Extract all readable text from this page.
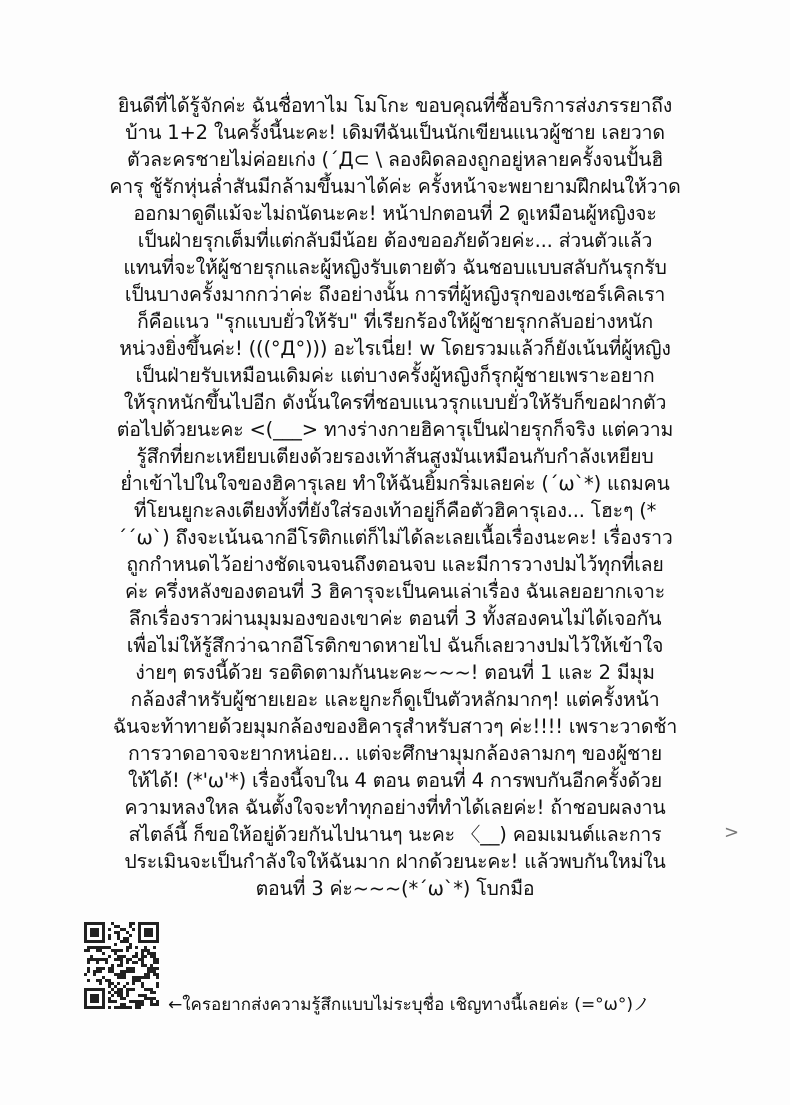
ยินดีที่ได้รู้จักค่ะ ฉันชื่อทาไม โมโกะ ขอบคุณที่ซื้อบริการส่งภรรยาถึง
บ้าน 1+2 ในครั้งนี้นะคะ! เดิมทีฉันเป็นนักเขียนแนวผู้ชาย เลยวาด
ตัวละครชายไม่ค่อยเก่ง (´Д⊂ \ ลองผิดลองถูกอยู่หลายครั้งจนปั้นฮิ
คารุ ชู้รักหุ่นล่ำสันมีกล้ามขึ้นมาได้ค่ะ ครั้งหน้าจะพยายามฝึกฝนให้วาด
ออกมาดูดีแม้จะไม่ถนัดนะคะ! หน้าปกตอนที่ 2 ดูเหมือนผู้หญิงจะ
เป็นฝ่ายรุกเต็มที่แต่กลับมีน้อย ต้องขออภัยด้วยค่ะ... ส่วนตัวแล้ว
แทนที่จะให้ผู้ชายรุกและผู้หญิงรับเตายตัว ฉันชอบแบบสลับกันรุกรับ
เป็นบางครั้งมากกว่าค่ะ ถึงอย่างนั้น การที่ผู้หญิงรุกของเซอร์เคิลเรา
ก็คือแนว "รุกแบบยั่วให้รับ" ที่เรียกร้องให้ผู้ชายรุกกลับอย่างหนัก
หน่วงยิ่งขึ้นค่ะ! (((°Д°))) อะไรเนี่ย! w โดยรวมแล้วก็ยังเน้นที่ผู้หญิง
เป็นฝ่ายรับเหมือนเดิมค่ะ แต่บางครั้งผู้หญิงก็รุกผู้ชายเพราะอยาก
ให้รุกหนักขึ้นไปอีก ดังนั้นใครที่ชอบแนวรุกแบบยั่วให้รับก็ขอฝากตัว
ต่อไปด้วยนะคะ <(___> ทางร่างกายฮิคารุเป็นฝ่ายรุกก็จริง แต่ความ
รู้สึกที่ยกะเหยียบเตียงด้วยรองเท้าส้นสูงมันเหมือนกับกำลังเหยียบ
ย่ำเข้าไปในใจของฮิคารุเลย ทำให้ฉันยิ้มกริ่มเลยค่ะ (´ω`*) แถมคน
ที่โยนยูกะลงเตียงทั้งที่ยังใส่รองเท้าอยู่ก็คือตัวฮิคารุเอง... โฮะๆ (*
´´ω`) ถึงจะเน้นฉากอีโรติกแต่ก็ไม่ได้ละเลยเนื้อเรื่องนะคะ! เรื่องราว
ถูกกำหนดไว้อย่างชัดเจนจนถึงตอนจบ และมีการวางปมไว้ทุกที่เลย
ค่ะ ครึ่งหลังของตอนที่ 3 ฮิคารุจะเป็นคนเล่าเรื่อง ฉันเลยอยากเจาะ
ลึกเรื่องราวผ่านมุมมองของเขาค่ะ ตอนที่ 3 ทั้งสองคนไม่ได้เจอกัน
เพื่อไม่ให้รู้สึกว่าฉากอีโรติกขาดหายไป ฉันก็เลยวางปมไว้ให้เข้าใจ
ง่ายๆ ตรงนี้ด้วย รอติดตามกันนะคะ~~~! ตอนที่ 1 และ 2 มีมุม
กล้องสำหรับผู้ชายเยอะ และยูกะก็ดูเป็นตัวหลักมากๆ! แต่ครั้งหน้า
ฉันจะท้าทายด้วยมุมกล้องของฮิคารุสำหรับสาวๆ ค่ะ!!!! เพราะวาดช้า
การวาดอาจจะยากหน่อย... แต่จะศึกษามุมกล้องลามกๆ ของผู้ชาย
ให้ได้! (*'ω'*) เรื่องนี้จบใน 4 ตอน ตอนที่ 4 การพบกันอีกครั้งด้วย
ความหลงใหล ฉันตั้งใจจะทำทุกอย่างที่ทำได้เลยค่ะ! ถ้าชอบผลงาน
สไตล์นี้ ก็ขอให้อยู่ด้วยกันไปนานๆ นะคะ 〈__) คอมเมนต์และการ
ประเมินจะเป็นกำลังใจให้ฉันมาก ฝากด้วยนะคะ! แล้วพบกันใหม่ใน
ตอนที่ 3 ค่ะ~~~(*´ω`*) โบกมือ
>
←ใครอยากส่งความรู้สึกแบบไม่ระบุชื่อ เชิญทางนี้เลยค่ะ (=°ω°)ノ
